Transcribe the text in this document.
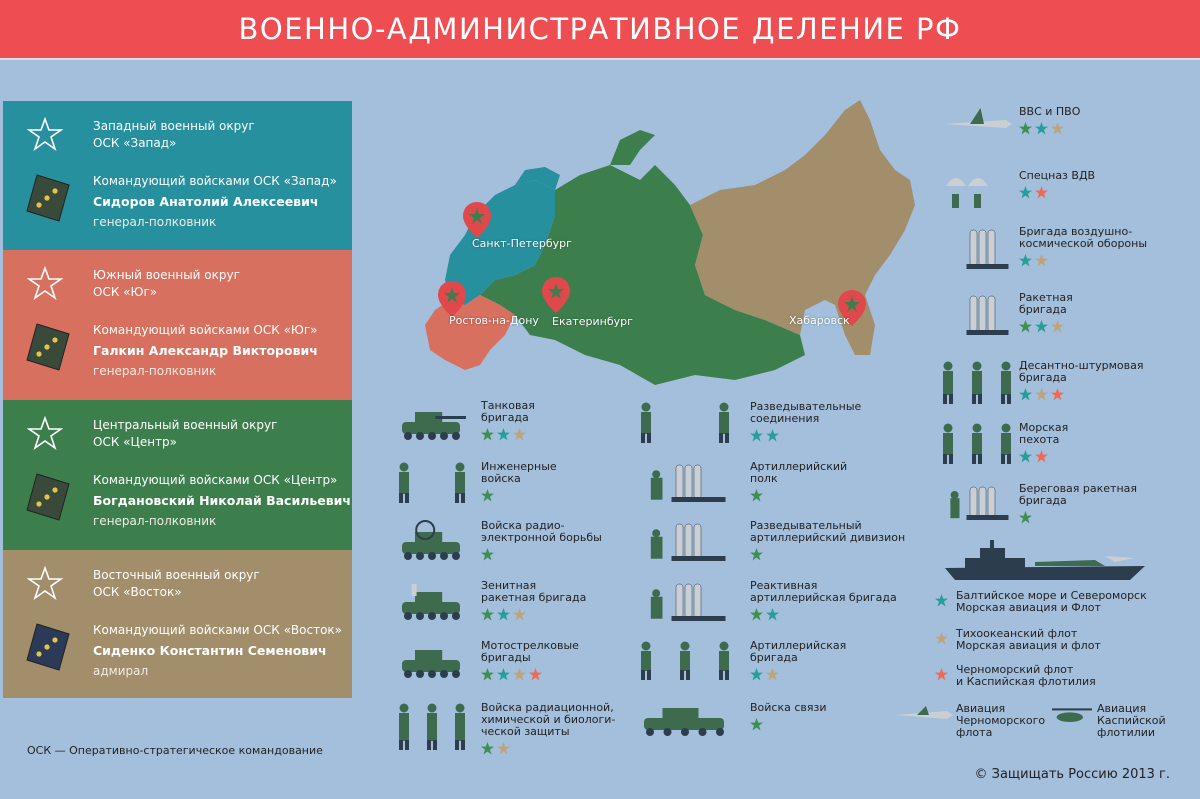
ВОЕННО-АДМИНИСТРАТИВНОЕ ДЕЛЕНИЕ РФ
Западный военный округ
ОСК «Запад»
Командующий войсками ОСК «Запад»
Сидоров Анатолий Алексеевич
генерал-полковник
Южный военный округ
ОСК «Юг»
Командующий войсками ОСК «Юг»
Галкин Александр Викторович
генерал-полковник
Центральный военный округ
ОСК «Центр»
Командующий войсками ОСК «Центр»
Богдановский Николай Васильевич
генерал-полковник
Восточный военный округ
ОСК «Восток»
Командующий войсками ОСК «Восток»
Сиденко Константин Семенович
адмирал
ОСК — Оперативно-стратегическое командование
Санкт-Петербург
Ростов-на-Дону Екатеринбург	Хабаровск
Танковая
бригада
Инженерные
войска
Войска радио-
электронной борьбы
Зенитная
ракетная бригада
Мотострелковые
бригады
Войска радиационной,
химической и биологи-
ческой защиты
Разведывательные
соединения
Артиллерийский
полк
Разведывательный
артиллерийский дивизион
Реактивная
артиллерийская бригада
Артиллерийская
бригада
Войска связи
ВВС и ПВО
Спецназ ВДВ
Бригада воздушно-
космической обороны
Ракетная
бригада
Десантно-штурмовая
бригада
Морская
пехота
Береговая ракетная
бригада
Балтийское море и Североморск
Морская авиация и Флот
Тихоокеанский флот
Морская авиация и флот
Черноморский флот
и Каспийская флотилия
Авиация
Черноморского
флота
Авиация
Каспийской
флотилии
© Защищать Россию 2013 г.
